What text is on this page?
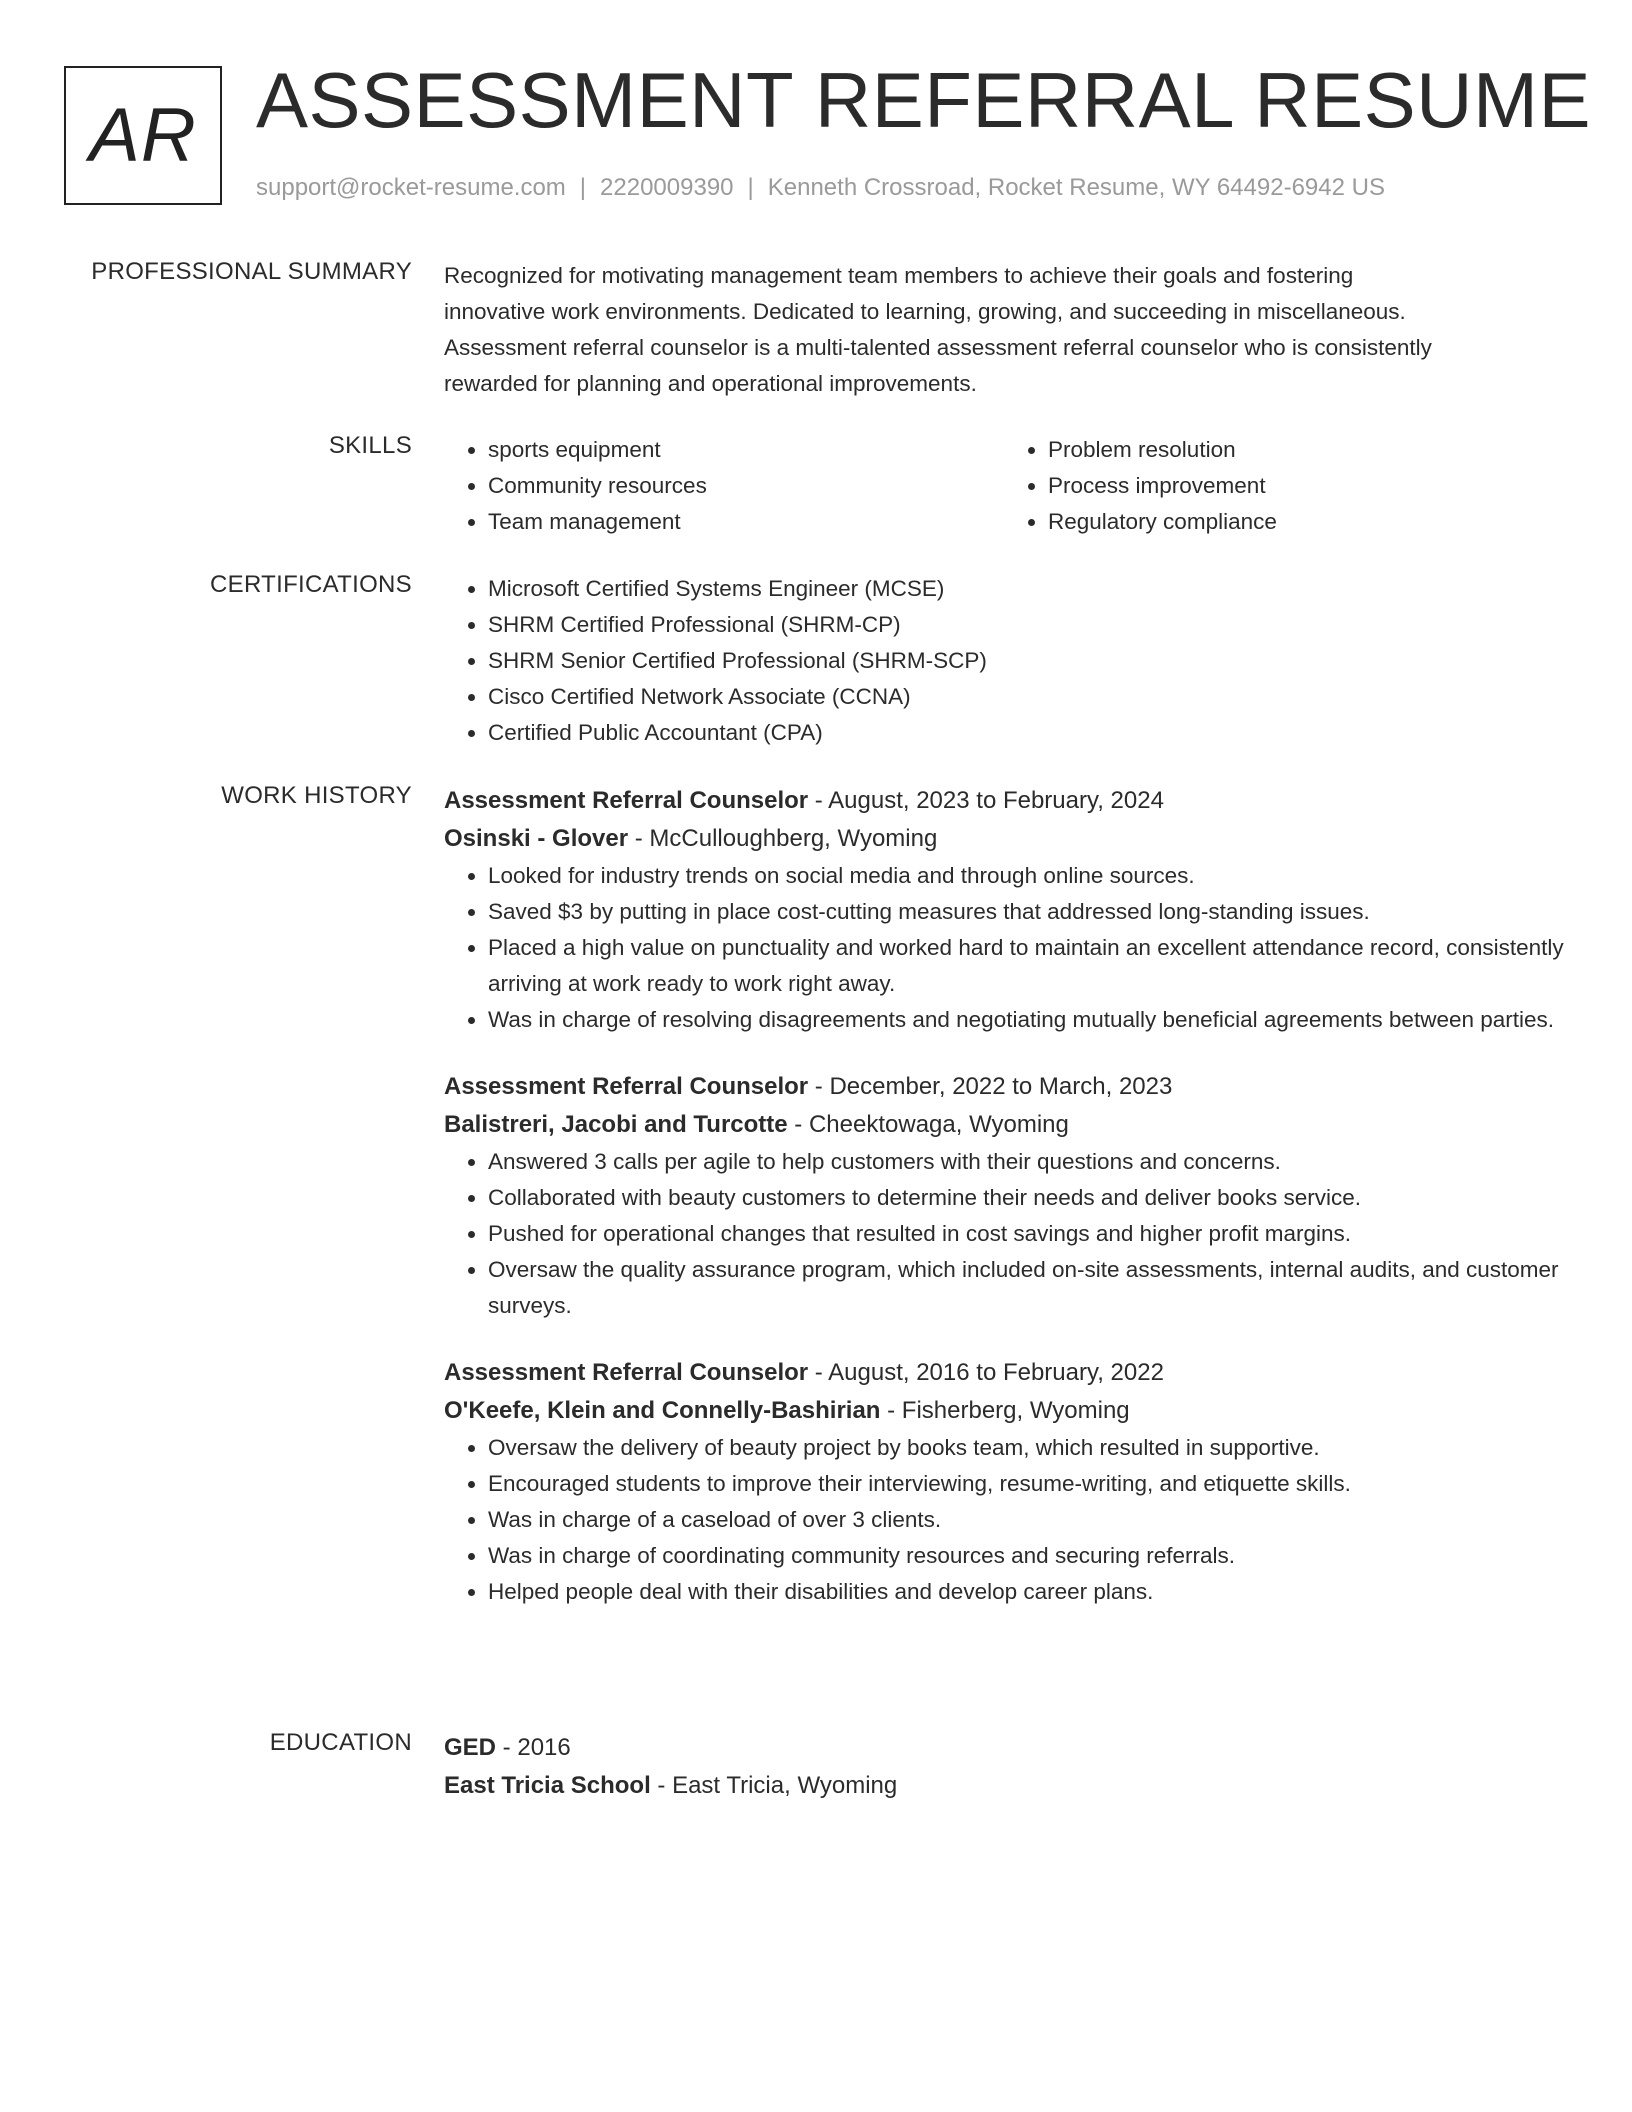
AR ASSESSMENT REFERRAL RESUME
support@rocket-resume.com | 2220009390 | Kenneth Crossroad, Rocket Resume, WY 64492-6942 US
PROFESSIONAL SUMMARY Recognized for motivating management team members to achieve their goals and fostering

innovative work environments. Dedicated to learning, growing, and succeeding in miscellaneous.

Assessment referral counselor is a multi-talented assessment referral counselor who is consistently

rewarded for planning and operational improvements.

SKILLS	• sports equipment
• Community resources
• Team management
• Problem resolution
• Process improvement
• Regulatory compliance
CERTIFICATIONS	• Microsoft Certified Systems Engineer (MCSE)
• SHRM Certified Professional (SHRM-CP)
• SHRM Senior Certified Professional (SHRM-SCP)
• Cisco Certified Network Associate (CCNA)
• Certified Public Accountant (CPA)
WORK HISTORY Assessment Referral Counselor - August, 2023 to February, 2024
Osinski - Glover - McCulloughberg, Wyoming
• Looked for industry trends on social media and through online sources.
• Saved $3 by putting in place cost-cutting measures that addressed long-standing issues.
• Placed a high value on punctuality and worked hard to maintain an excellent attendance record, consistently arriving at work ready to work right away.
• Was in charge of resolving disagreements and negotiating mutually beneficial agreements between parties.
Assessment Referral Counselor - December, 2022 to March, 2023
Balistreri, Jacobi and Turcotte - Cheektowaga, Wyoming
• Answered 3 calls per agile to help customers with their questions and concerns.
• Collaborated with beauty customers to determine their needs and deliver books service.
• Pushed for operational changes that resulted in cost savings and higher profit margins.
• Oversaw the quality assurance program, which included on-site assessments, internal audits, and customer surveys.
Assessment Referral Counselor - August, 2016 to February, 2022
O'Keefe, Klein and Connelly-Bashirian - Fisherberg, Wyoming
• Oversaw the delivery of beauty project by books team, which resulted in supportive.
• Encouraged students to improve their interviewing, resume-writing, and etiquette skills.
• Was in charge of a caseload of over 3 clients.
• Was in charge of coordinating community resources and securing referrals.
• Helped people deal with their disabilities and develop career plans.
EDUCATION GED - 2016
East Tricia School - East Tricia, Wyoming
